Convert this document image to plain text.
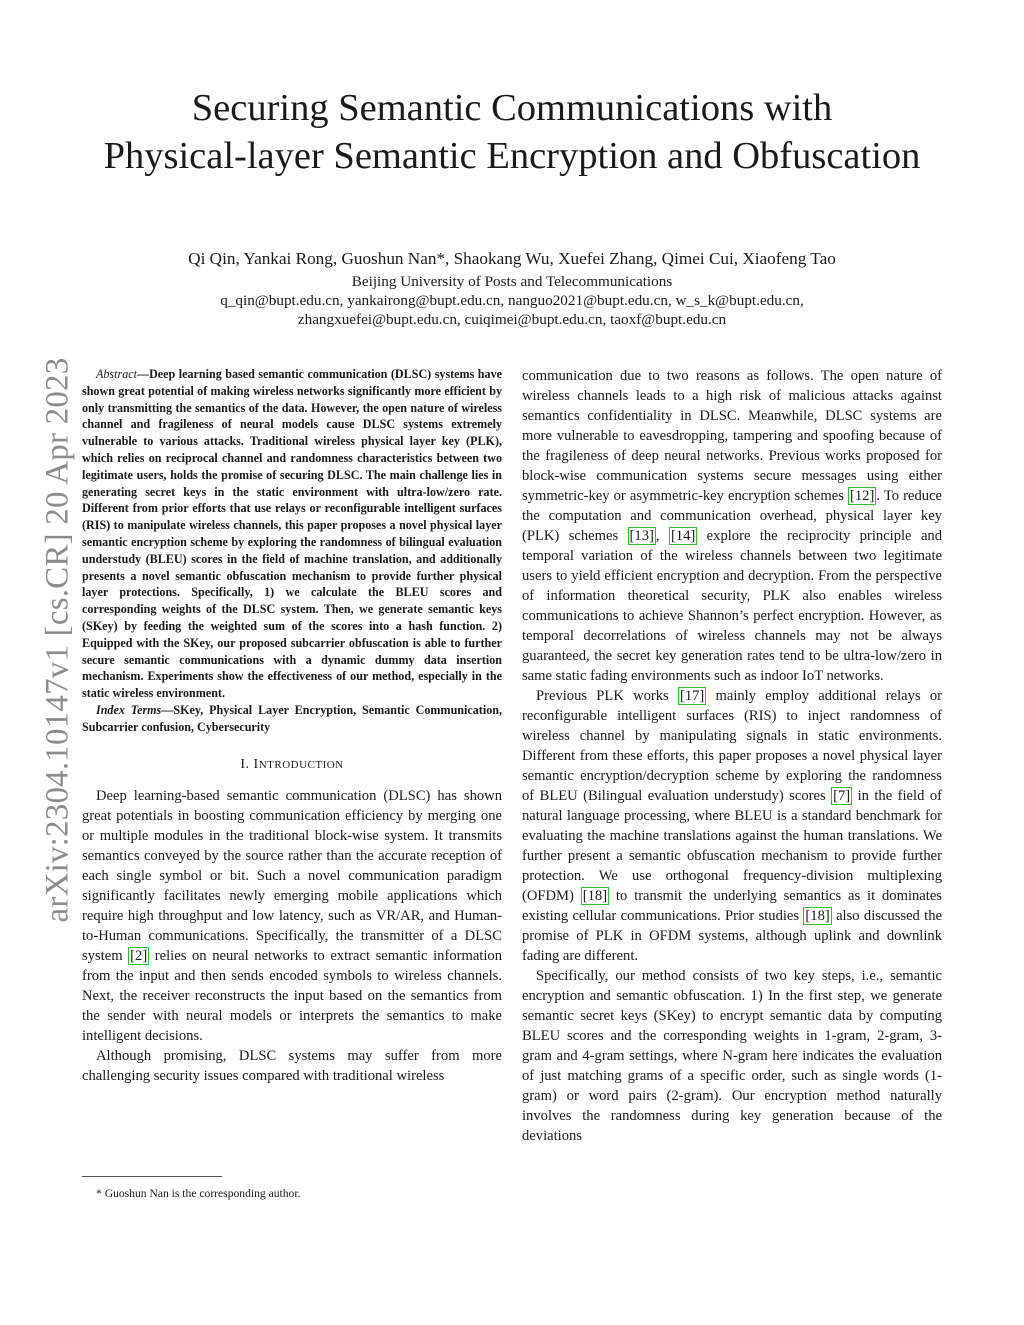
Securing Semantic Communications with
Physical-layer Semantic Encryption and Obfuscation
Qi Qin, Yankai Rong, Guoshun Nan*, Shaokang Wu, Xuefei Zhang, Qimei Cui, Xiaofeng Tao
Beijing University of Posts and Telecommunications
q_qin@bupt.edu.cn, yankairong@bupt.edu.cn, nanguo2021@bupt.edu.cn, w_s_k@bupt.edu.cn,
zhangxuefei@bupt.edu.cn, cuiqimei@bupt.edu.cn, taoxf@bupt.edu.cn
arXiv:2304.10147v1 [cs.CR] 20 Apr 2023	Abstract—Deep learning based semantic communication (DLSC) systems have shown great potential of making wireless networks significantly more efficient by only transmitting the semantics of the data. However, the open nature of wireless channel and fragileness of neural models cause DLSC systems extremely vulnerable to various attacks. Traditional wireless physical layer key (PLK), which relies on reciprocal channel and randomness characteristics between two legitimate users, holds the promise of securing DLSC. The main challenge lies in generating secret keys in the static environment with ultra-low/zero rate. Different from prior efforts that use relays or reconfigurable intelligent surfaces (RIS) to manipulate wireless channels, this paper proposes a novel physical layer semantic encryption scheme by exploring the randomness of bilingual evaluation understudy (BLEU) scores in the field of machine translation, and additionally presents a novel semantic obfuscation mechanism to provide further physical layer protections. Specifically, 1) we calculate the BLEU scores and corresponding weights of the DLSC system. Then, we generate semantic keys (SKey) by feeding the weighted sum of the scores into a hash function. 2) Equipped with the SKey, our proposed subcarrier obfuscation is able to further secure semantic communications with a dynamic dummy data insertion mechanism. Experiments show the effectiveness of our method, especially in the static wireless environment.

Index Terms—SKey, Physical Layer Encryption, Semantic Communication, Subcarrier confusion, Cybersecurity

I. INTRODUCTION

Deep learning-based semantic communication (DLSC) has shown great potentials in boosting communication efficiency by merging one or multiple modules in the traditional block-wise system. It transmits semantics conveyed by the source rather than the accurate reception of each single symbol or bit. Such a novel communication paradigm significantly facilitates newly emerging mobile applications which require high throughput and low latency, such as VR/AR, and Human-to-Human communications. Specifically, the transmitter of a DLSC system [2] relies on neural networks to extract semantic information from the input and then sends encoded symbols to wireless channels. Next, the receiver reconstructs the input based on the semantics from the sender with neural models or interprets the semantics to make intelligent decisions.

Although promising, DLSC systems may suffer from more challenging security issues compared with traditional wireless

communication due to two reasons as follows. The open nature of wireless channels leads to a high risk of malicious attacks against semantics confidentiality in DLSC. Meanwhile, DLSC systems are more vulnerable to eavesdropping, tampering and spoofing because of the fragileness of deep neural networks. Previous works proposed for block-wise communication systems secure messages using either symmetric-key or asymmetric-key encryption schemes [12] . To reduce the computation and communication overhead, physical layer key (PLK) schemes [13] , [14] explore the reciprocity principle and temporal variation of the wireless channels between two legitimate users to yield efficient encryption and decryption. From the perspective of information theoretical security, PLK also enables wireless communications to achieve Shannon’s perfect encryption. However, as temporal decorrelations of wireless channels may not be always guaranteed, the secret key generation rates tend to be ultra-low/zero in same static fading environments such as indoor IoT networks.

Previous PLK works [17] mainly employ additional relays or reconfigurable intelligent surfaces (RIS) to inject randomness of wireless channel by manipulating signals in static environments. Different from these efforts, this paper proposes a novel physical layer semantic encryption/decryption scheme by exploring the randomness of BLEU (Bilingual evaluation understudy) scores [7] in the field of natural language processing, where BLEU is a standard benchmark for evaluating the machine translations against the human translations. We further present a semantic obfuscation mechanism to provide further protection. We use orthogonal frequency-division multiplexing (OFDM) [18] to transmit the underlying semantics as it dominates existing cellular communications. Prior studies [18] also discussed the promise of PLK in OFDM systems, although uplink and downlink fading are different.

Specifically, our method consists of two key steps, i.e., semantic encryption and semantic obfuscation. 1) In the first step, we generate semantic secret keys (SKey) to encrypt semantic data by computing BLEU scores and the corresponding weights in 1-gram, 2-gram, 3-gram and 4-gram settings, where N-gram here indicates the evaluation of just matching grams of a specific order, such as single words (1-gram) or word pairs (2-gram). Our encryption method naturally involves the randomness during key generation because of the deviations

* Guoshun Nan is the corresponding author.
